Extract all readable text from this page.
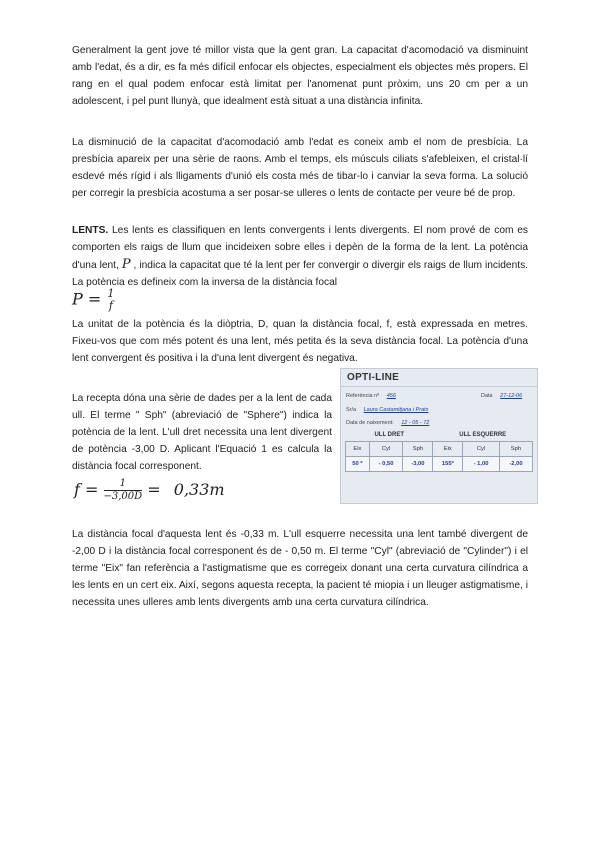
Generalment la gent jove té millor vista que la gent gran. La capacitat d'acomodació va disminuint amb l'edat, és a dir, es fa més difícil enfocar els objectes, especialment els objectes més propers. El rang en el qual podem enfocar està limitat per l'anomenat punt pròxim, uns 20 cm per a un adolescent, i pel punt llunyà, que idealment està situat a una distància infinita.

La disminució de la capacitat d'acomodació amb l'edat es coneix amb el nom de presbícia. La presbícia apareix per una sèrie de raons. Amb el temps, els músculs ciliats s'afebleixen, el cristal·lí esdevé més rígid i als lligaments d'unió els costa més de tibar-lo i canviar la seva forma. La solució per corregir la presbícia acostuma a ser posar-se ulleres o lents de contacte per veure bé de prop.

LENTS. Les lents es classifiquen en lents convergents i lents divergents. El nom prové de com es comporten els raigs de llum que incideixen sobre elles i depèn de la forma de la lent. La potència d'una lent, P , indica la capacitat que té la lent per fer convergir o divergir els raigs de llum incidents. La potència es defineix com la inversa de la distància focal

P = 1
f

La unitat de la potència és la diòptria, D, quan la distància focal, f, està expressada en metres. Fixeu-vos que com més potent és una lent, més petita és la seva distància focal. La potència d'una lent convergent és positiva i la d'una lent divergent és negativa.

La recepta dóna una sèrie de dades per a la lent de cada ull. El terme " Sph" (abreviació de "Sphere") indica la potència de la lent. L'ull dret necessita una lent divergent de potència -3,00 D. Aplicant l'Equació 1 es calcula la distància focal corresponent.

$f = \frac{1}{-3,00D} = 0,33m$
OPTI-LINE
Referència nº 456	Data 27-12-06
Sr/a Laura Castamitjana i Prats
Data de naixement: 12 - 05 - 72
ULL DRET			ULL ESQUERRE		
Eix	Cyl	Sph	Eix	Cyl	Sph
50 º	- 0,50	-3,00	155º	- 1,00	-2,00

La distància focal d'aquesta lent és -0,33 m. L'ull esquerre necessita una lent també divergent de -2,00 D i la distància focal corresponent és de - 0,50 m. El terme "Cyl" (abreviació de "Cylinder") i el terme "Eix" fan referència a l'astigmatisme que es corregeix donant una certa curvatura cilíndrica a les lents en un cert eix. Així, segons aquesta recepta, la pacient té miopia i un lleuger astigmatisme, i necessita unes ulleres amb lents divergents amb una certa curvatura cilíndrica.
